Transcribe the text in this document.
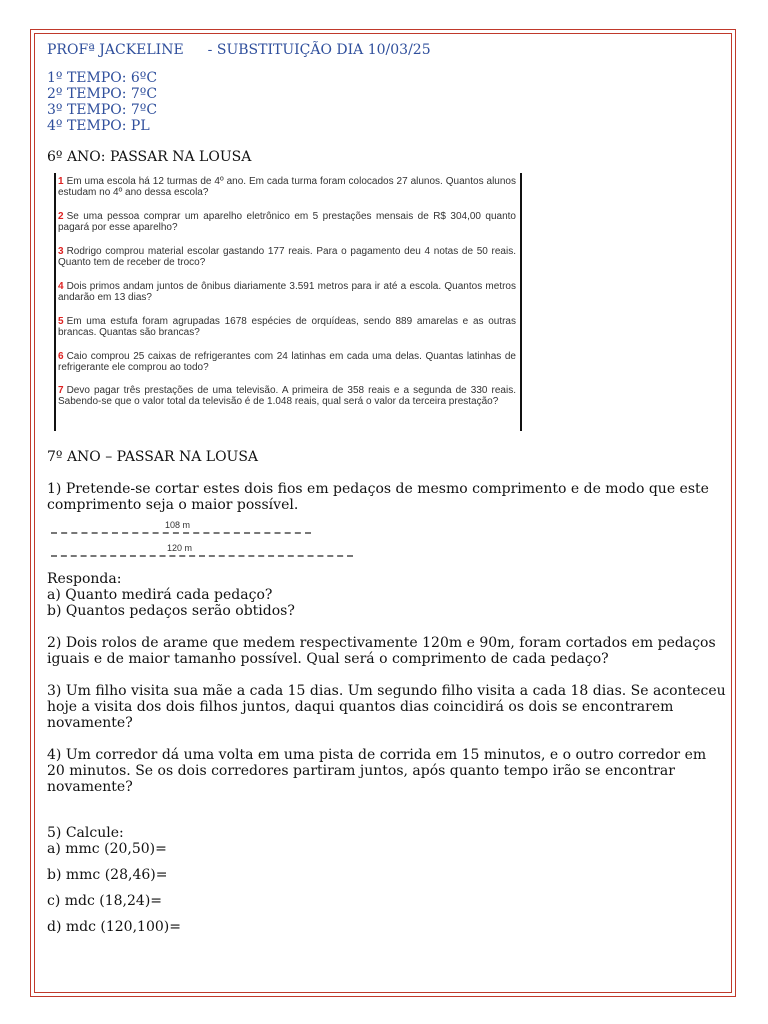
PROFª JACKELINE - SUBSTITUIÇÃO DIA 10/03/25
1º TEMPO: 6ºC
2º TEMPO: 7ºC
3º TEMPO: 7ºC
4º TEMPO: PL
6º ANO: PASSAR NA LOUSA
1 Em uma escola há 12 turmas de 4º ano. Em cada turma foram colocados 27 alunos. Quantos alunos estudam no 4º ano dessa escola?
2 Se uma pessoa comprar um aparelho eletrônico em 5 prestações mensais de R$ 304,00 quanto pagará por esse aparelho?
3 Rodrigo comprou material escolar gastando 177 reais. Para o pagamento deu 4 notas de 50 reais. Quanto tem de receber de troco?
4 Dois primos andam juntos de ônibus diariamente 3.591 metros para ir até a escola. Quantos metros andarão em 13 dias?
5 Em uma estufa foram agrupadas 1678 espécies de orquídeas, sendo 889 amarelas e as outras brancas. Quantas são brancas?
6 Caio comprou 25 caixas de refrigerantes com 24 latinhas em cada uma delas. Quantas latinhas de refrigerante ele comprou ao todo?
7 Devo pagar três prestações de uma televisão. A primeira de 358 reais e a segunda de 330 reais. Sabendo-se que o valor total da televisão é de 1.048 reais, qual será o valor da terceira prestação?
7º ANO – PASSAR NA LOUSA

1) Pretende-se cortar estes dois fios em pedaços de mesmo comprimento e de modo que este comprimento seja o maior possível.

108 m
120 m
Responda:
a) Quanto medirá cada pedaço?
b) Quantos pedaços serão obtidos?

2) Dois rolos de arame que medem respectivamente 120m e 90m, foram cortados em pedaços iguais e de maior tamanho possível. Qual será o comprimento de cada pedaço?

3) Um filho visita sua mãe a cada 15 dias. Um segundo filho visita a cada 18 dias. Se aconteceu hoje a visita dos dois filhos juntos, daqui quantos dias coincidirá os dois se encontrarem novamente?

4) Um corredor dá uma volta em uma pista de corrida em 15 minutos, e o outro corredor em 20 minutos. Se os dois corredores partiram juntos, após quanto tempo irão se encontrar novamente?

5) Calcule:
a) mmc (20,50)=
b) mmc (28,46)=
c) mdc (18,24)=
d) mdc (120,100)=
